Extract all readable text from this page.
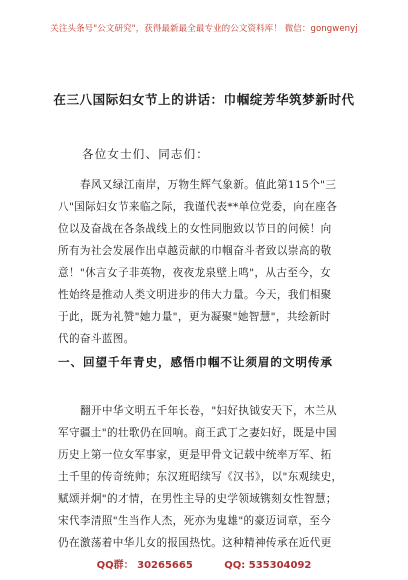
关注头条号"公文研究"，获得最新最全最专业的公文资料库！ 微信：gongwenyj
在三八国际妇女节上的讲话：巾帼绽芳华筑梦新时代
各位女士们、同志们：
春风又绿江南岸，万物生辉气象新。值此第115个"三
八"国际妇女节来临之际，我谨代表**单位党委，向在座各
位以及奋战在各条战线上的女性同胞致以节日的问候！向
所有为社会发展作出卓越贡献的巾帼奋斗者致以崇高的敬
意！"休言女子非英物，夜夜龙泉壁上鸣"，从古至今，女
性始终是推动人类文明进步的伟大力量。今天，我们相聚
于此，既为礼赞"她力量"，更为凝聚"她智慧"，共绘新时
代的奋斗蓝图。
一、回望千年青史，感悟巾帼不让须眉的文明传承
翻开中华文明五千年长卷，"妇好执钺安天下，木兰从
军守疆土"的壮歌仍在回响。商王武丁之妻妇好，既是中国
历史上第一位女军事家，更是甲骨文记载中统率万军、拓
土千里的传奇统帅；东汉班昭续写《汉书》，以"东观续史，
赋颂并炯"的才情，在男性主导的史学领域镌刻女性智慧；
宋代李清照"生当作人杰，死亦为鬼雄"的豪迈词章，至今
仍在激荡着中华儿女的报国热忱。这种精神传承在近代更
QQ群： 30265665	QQ: 535304092
